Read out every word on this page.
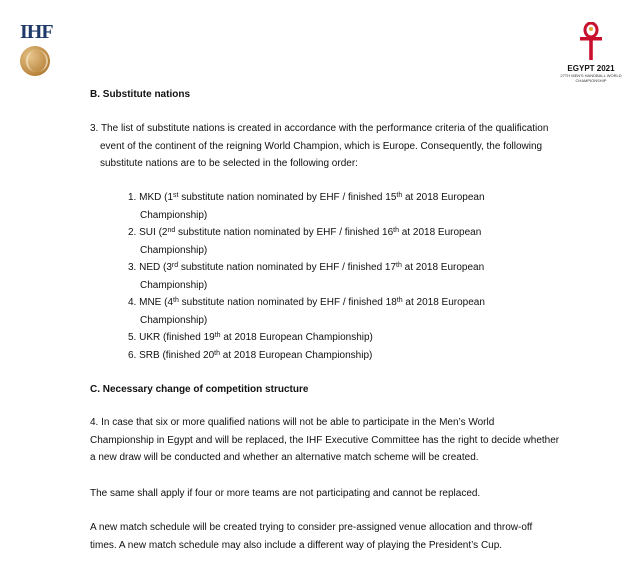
IHF
EGYPT 2021
27TH MEN'S HANDBALL WORLD CHAMPIONSHIP
B. Substitute nations

3. The list of substitute nations is created in accordance with the performance criteria of the qualification event of the continent of the reigning World Champion, which is Europe. Consequently, the following substitute nations are to be selected in the following order:

1. MKD (1st substitute nation nominated by EHF / finished 15th at 2018 European Championship)
2. SUI (2nd substitute nation nominated by EHF / finished 16th at 2018 European Championship)
3. NED (3rd substitute nation nominated by EHF / finished 17th at 2018 European Championship)
4. MNE (4th substitute nation nominated by EHF / finished 18th at 2018 European Championship)
5. UKR (finished 19th at 2018 European Championship)
6. SRB (finished 20th at 2018 European Championship)
C. Necessary change of competition structure

4. In case that six or more qualified nations will not be able to participate in the Men’s World Championship in Egypt and will be replaced, the IHF Executive Committee has the right to decide whether a new draw will be conducted and whether an alternative match scheme will be created.

The same shall apply if four or more teams are not participating and cannot be replaced.

A new match schedule will be created trying to consider pre-assigned venue allocation and throw-off times. A new match schedule may also include a different way of playing the President’s Cup.
